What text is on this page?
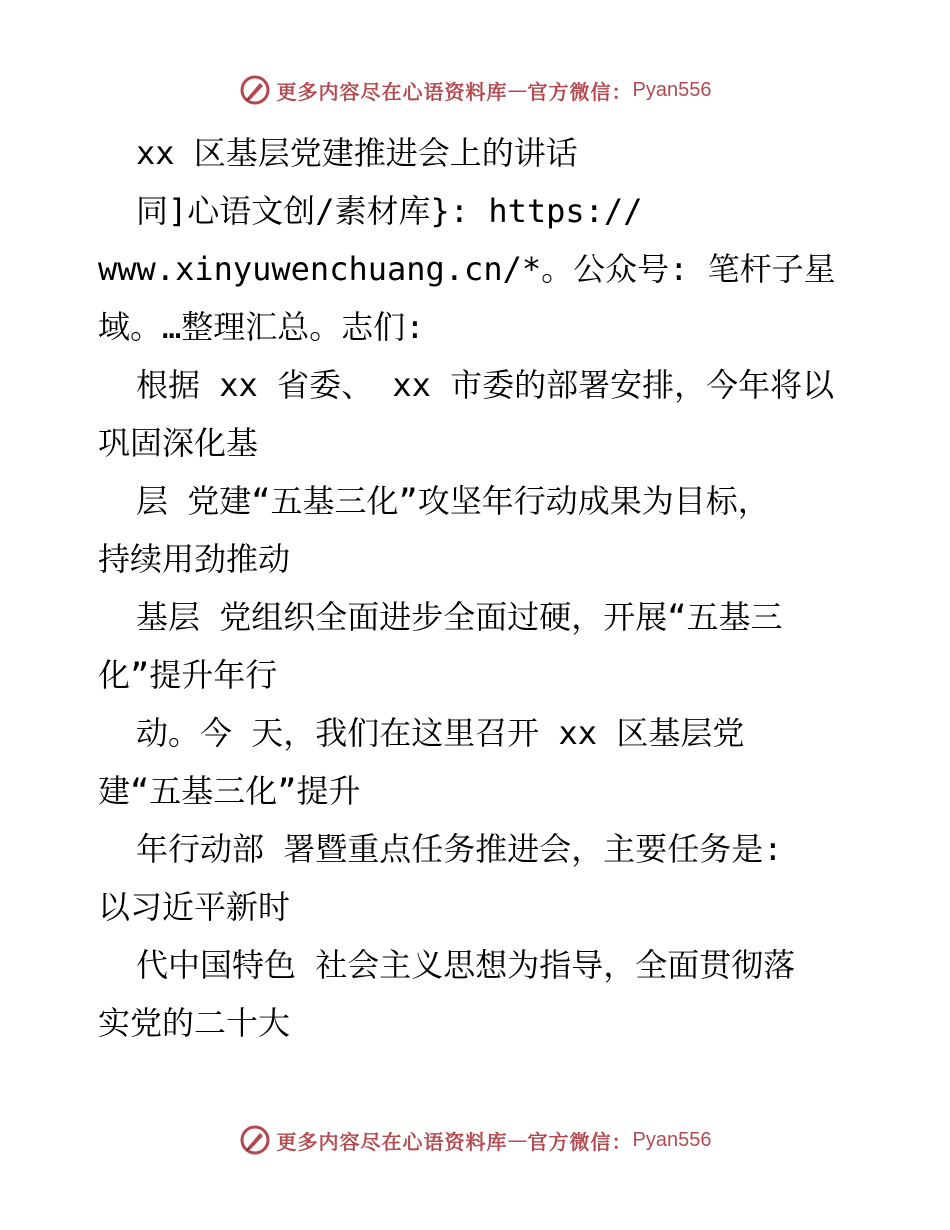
更多内容尽在心语资料库 — 官方微信： Pyan556
xx 区基层党建推进会上的讲话
同]心语文创/素材库}: https://
www.xinyuwenchuang.cn/*。公众号: 笔杆子星
域。…整理汇总。志们:
根据 xx 省委、 xx 市委的部署安排，今年将以
巩固深化基
层 党建“五基三化”攻坚年行动成果为目标，
持续用劲推动
基层 党组织全面进步全面过硬，开展“五基三
化”提升年行
动。今 天，我们在这里召开 xx 区基层党
建“五基三化”提升
年行动部 署暨重点任务推进会，主要任务是:
以习近平新时
代中国特色 社会主义思想为指导，全面贯彻落
实党的二十大
更多内容尽在心语资料库 — 官方微信： Pyan556
